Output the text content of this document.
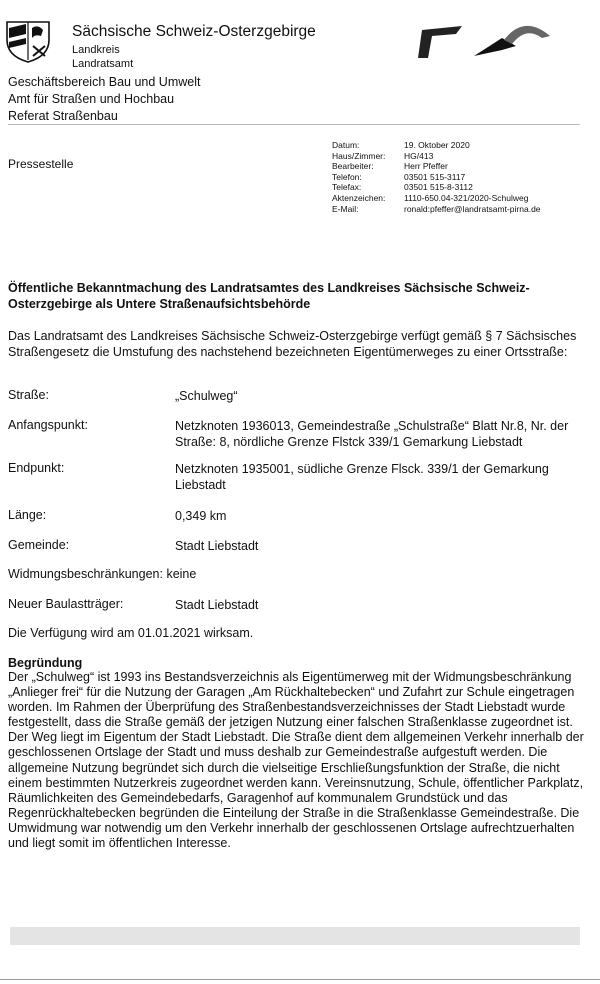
Sächsische Schweiz-Osterzgebirge
Landkreis
Landratsamt
Geschäftsbereich Bau und Umwelt
Amt für Straßen und Hochbau
Referat Straßenbau
Pressestelle
Datum:	19. Oktober 2020
Haus/Zimmer:	HG/413
Bearbeiter:	Herr Pfeffer
Telefon:	03501 515-3117
Telefax:	03501 515-8-3112
Aktenzeichen:	1110-650.04-321/2020-Schulweg
E-Mail:	ronald:pfeffer@landratsamt-pirna.de
Öffentliche Bekanntmachung des Landratsamtes des Landkreises Sächsische Schweiz-Osterzgebirge als Untere Straßenaufsichtsbehörde
Das Landratsamt des Landkreises Sächsische Schweiz-Osterzgebirge verfügt gemäß § 7 Sächsisches Straßengesetz die Umstufung des nachstehend bezeichneten Eigentümerweges zu einer Ortsstraße:
Straße:	„Schulweg“
Anfangspunkt:	Netzknoten 1936013, Gemeindestraße „Schulstraße“ Blatt Nr.8, Nr. der Straße: 8, nördliche Grenze Flstck 339/1 Gemarkung Liebstadt
Endpunkt:	Netzknoten 1935001, südliche Grenze Flsck. 339/1 der Gemarkung Liebstadt
Länge:	0,349 km
Gemeinde:	Stadt Liebstadt
Widmungsbeschränkungen: keine
Neuer Baulastträger:	Stadt Liebstadt
Die Verfügung wird am 01.01.2021 wirksam.
Begründung
Der „Schulweg“ ist 1993 ins Bestandsverzeichnis als Eigentümerweg mit der Widmungsbeschränkung „Anlieger frei“ für die Nutzung der Garagen „Am Rückhaltebecken“ und Zufahrt zur Schule eingetragen worden. Im Rahmen der Überprüfung des Straßenbestandsverzeichnisses der Stadt Liebstadt wurde festgestellt, dass die Straße gemäß der jetzigen Nutzung einer falschen Straßenklasse zugeordnet ist.
Der Weg liegt im Eigentum der Stadt Liebstadt. Die Straße dient dem allgemeinen Verkehr innerhalb der geschlossenen Ortslage der Stadt und muss deshalb zur Gemeindestraße aufgestuft werden. Die allgemeine Nutzung begründet sich durch die vielseitige Erschließungsfunktion der Straße, die nicht einem bestimmten Nutzerkreis zugeordnet werden kann. Vereinsnutzung, Schule, öffentlicher Parkplatz, Räumlichkeiten des Gemeindebedarfs, Garagenhof auf kommunalem Grundstück und das Regenrückhaltebecken begründen die Einteilung der Straße in die Straßenklasse Gemeindestraße. Die Umwidmung war notwendig um den Verkehr innerhalb der geschlossenen Ortslage aufrechtzuerhalten und liegt somit im öffentlichen Interesse.
